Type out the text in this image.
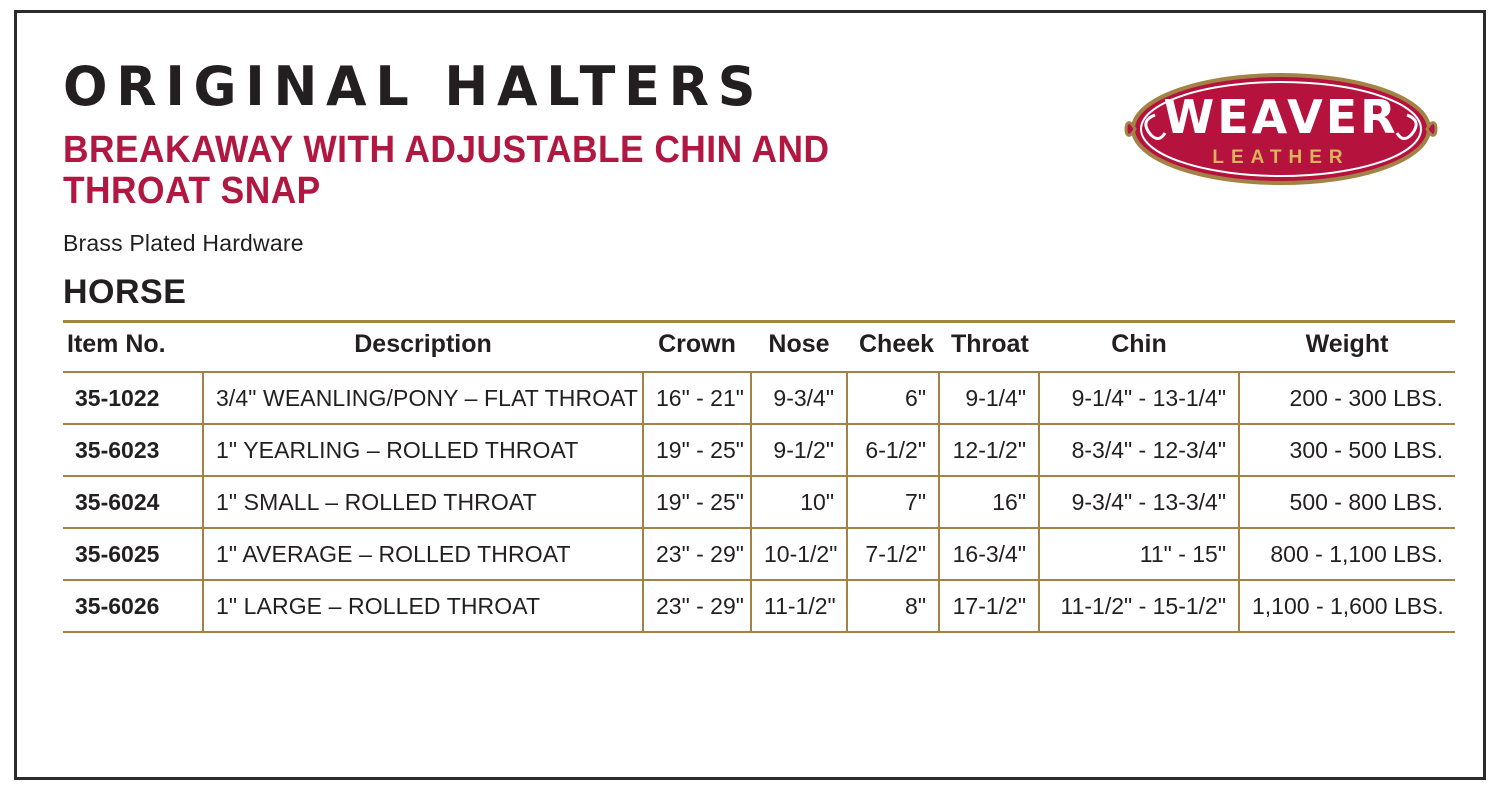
ORIGINAL HALTERS
BREAKAWAY WITH ADJUSTABLE CHIN AND THROAT SNAP

Brass Plated Hardware

HORSE
WEAVER
LEATHER
Item No.	Description	Crown	Nose	Cheek	Throat	Chin	Weight
35-1022	3/4" WEANLING/PONY – FLAT THROAT	16" - 21"	9-3/4"	6"	9-1/4"	9-1/4" - 13-1/4"	200 - 300 LBS.
35-6023	1" YEARLING – ROLLED THROAT	19" - 25"	9-1/2"	6-1/2"	12-1/2"	8-3/4" - 12-3/4"	300 - 500 LBS.
35-6024	1" SMALL – ROLLED THROAT	19" - 25"	10"	7"	16"	9-3/4" - 13-3/4"	500 - 800 LBS.
35-6025	1" AVERAGE – ROLLED THROAT	23" - 29"	10-1/2"	7-1/2"	16-3/4"	11" - 15"	800 - 1,100 LBS.
35-6026	1" LARGE – ROLLED THROAT	23" - 29"	11-1/2"	8"	17-1/2"	11-1/2" - 15-1/2"	1,100 - 1,600 LBS.
